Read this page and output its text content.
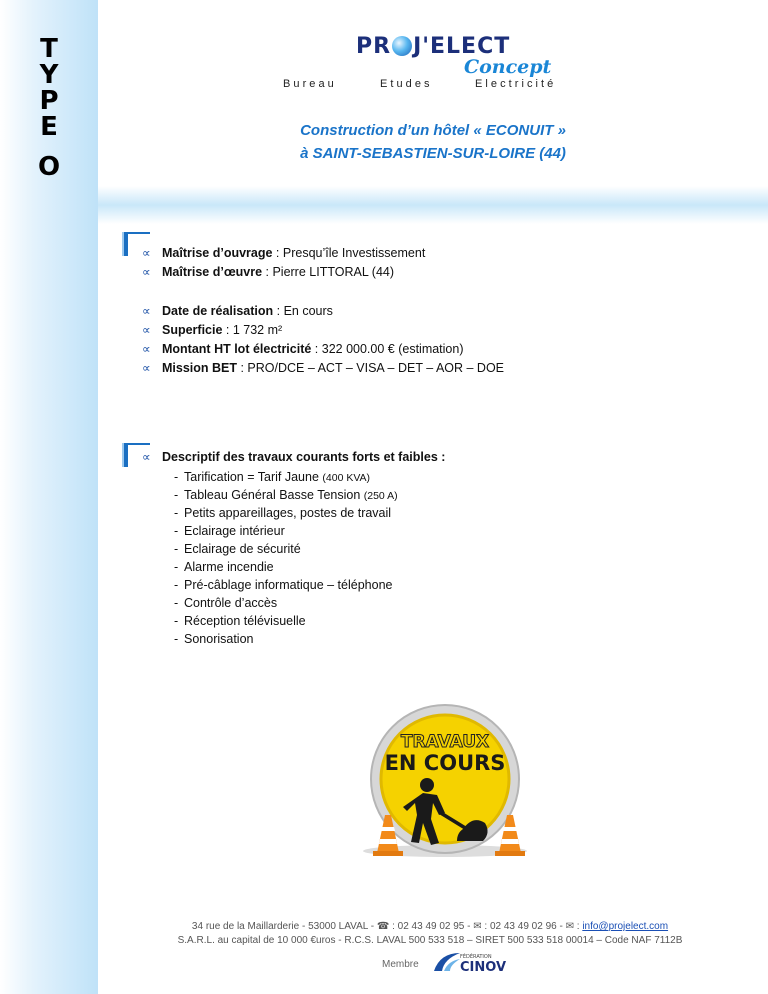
T
Y
P
E
O
PR J'ELECT
Concept
B u r e a u	E t u d e s	E l e c t r i c i t é
Construction d’un hôtel « ECONUIT »
à SAINT-SEBASTIEN-SUR-LOIRE (44)
∝ Maîtrise d’ouvrage : Presqu’île Investissement
∝ Maîtrise d’œuvre : Pierre LITTORAL (44)
∝ Date de réalisation : En cours
∝ Superficie : 1 732 m²
∝ Montant HT lot électricité : 322 000.00 € (estimation)
∝ Mission BET : PRO/DCE – ACT – VISA – DET – AOR – DOE
∝ Descriptif des travaux courants forts et faibles :
- Tarification = Tarif Jaune (400 KVA)
- Tableau Général Basse Tension (250 A)
- Petits appareillages, postes de travail
- Eclairage intérieur
- Eclairage de sécurité
- Alarme incendie
- Pré-câblage informatique – téléphone
- Contrôle d’accès
- Réception télévisuelle
- Sonorisation
TRAVAUX
EN COURS
34 rue de la Maillarderie - 53000 LAVAL - ☎ : 02 43 49 02 95 - ✉ : 02 43 49 02 96 - ✉ : info@projelect.com
S.A.R.L. au capital de 10 000 €uros - R.C.S. LAVAL 500 533 518 – SIRET 500 533 518 00014 – Code NAF 7112B
Membre
FÉDÉRATION
CINOV
